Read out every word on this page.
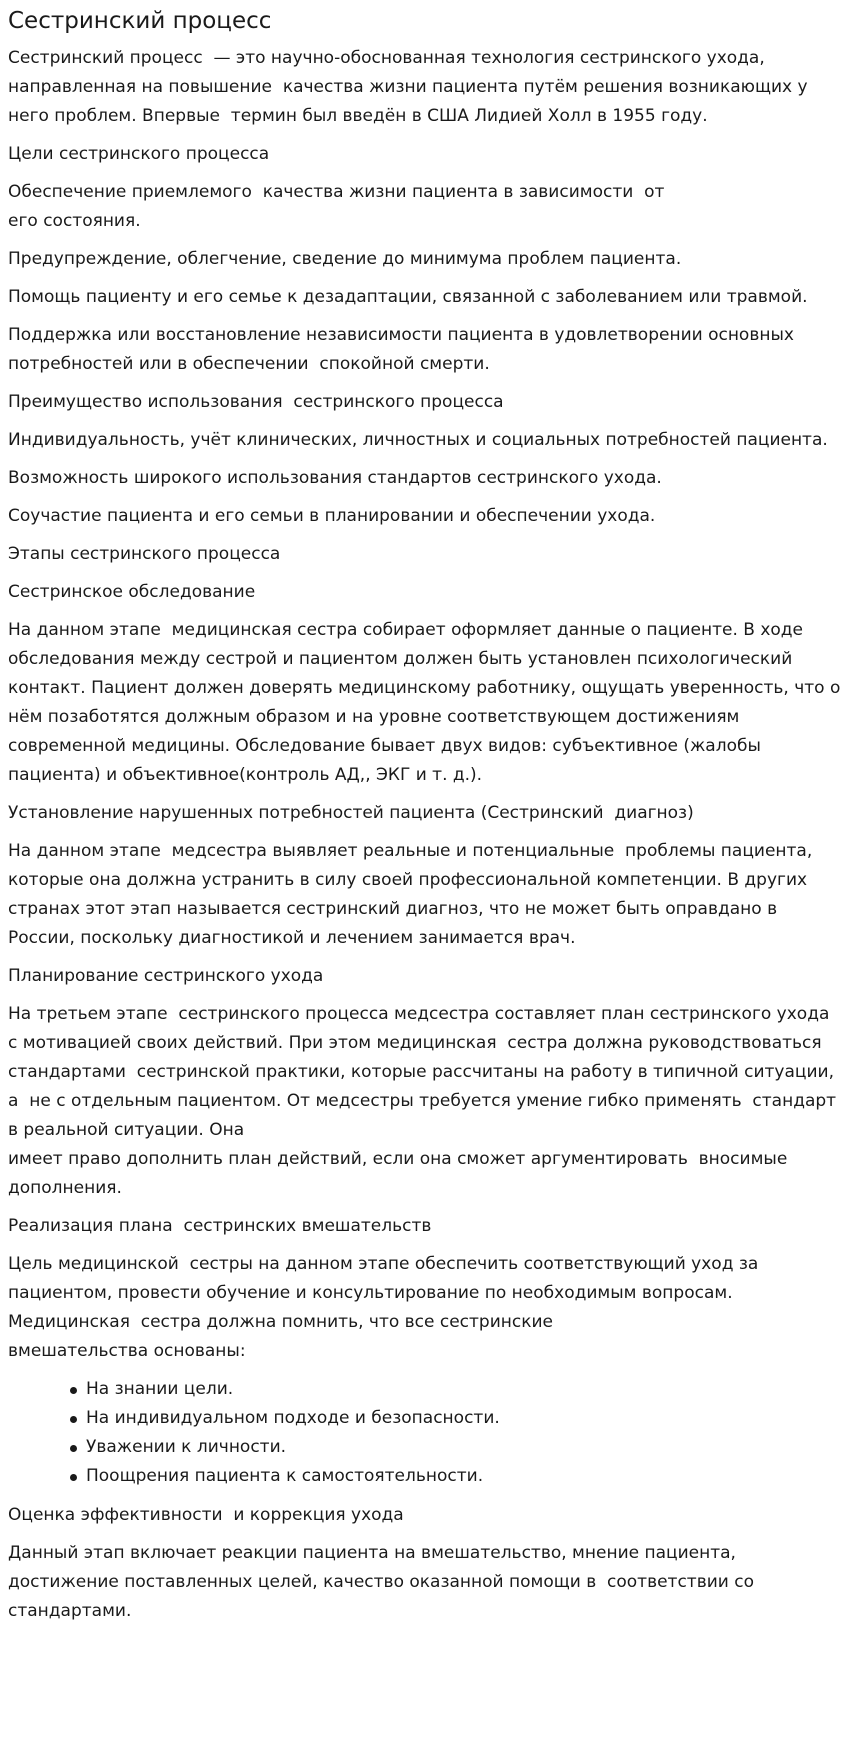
Сестринский процесс

Сестринский процесс  — это научно-обоснованная технология сестринского ухода, направленная на повышение  качества жизни пациента путём решения возникающих у него проблем. Впервые  термин был введён в США Лидией Холл в 1955 году.

Цели сестринского процесса

Обеспечение приемлемого  качества жизни пациента в зависимости  от
его состояния.

Предупреждение, облегчение, сведение до минимума проблем пациента.

Помощь пациенту и его семье к дезадаптации, связанной с заболеванием или травмой.

Поддержка или восстановление независимости пациента в удовлетворении основных потребностей или в обеспечении  спокойной смерти.

Преимущество использования  сестринского процесса

Индивидуальность, учёт клинических, личностных и социальных потребностей пациента.

Возможность широкого использования стандартов сестринского ухода.

Соучастие пациента и его семьи в планировании и обеспечении ухода.

Этапы сестринского процесса

Сестринское обследование

На данном этапе  медицинская сестра собирает оформляет данные о пациенте. В ходе обследования между сестрой и пациентом должен быть установлен психологический контакт. Пациент должен доверять медицинскому работнику, ощущать уверенность, что о нём позаботятся должным образом и на уровне соответствующем достижениям современной медицины. Обследование бывает двух видов: субъективное (жалобы пациента) и объективное(контроль АД,, ЭКГ и т. д.).

Установление нарушенных потребностей пациента (Сестринский  диагноз)

На данном этапе  медсестра выявляет реальные и потенциальные  проблемы пациента, которые она должна устранить в силу своей профессиональной компетенции. В других странах этот этап называется сестринский диагноз, что не может быть оправдано в России, поскольку диагностикой и лечением занимается врач.

Планирование сестринского ухода

На третьем этапе  сестринского процесса медсестра составляет план сестринского ухода с мотивацией своих действий. При этом медицинская  сестра должна руководствоваться стандартами  сестринской практики, которые рассчитаны на работу в типичной ситуации, а  не с отдельным пациентом. От медсестры требуется умение гибко применять  стандарт в реальной ситуации. Она
имеет право дополнить план действий, если она сможет аргументировать  вносимые дополнения.

Реализация плана  сестринских вмешательств

Цель медицинской  сестры на данном этапе обеспечить соответствующий уход за пациентом, провести обучение и консультирование по необходимым вопросам. Медицинская  сестра должна помнить, что все сестринские
вмешательства основаны:

На знании цели.
На индивидуальном подходе и безопасности.
Уважении к личности.
Поощрения пациента к самостоятельности.

Оценка эффективности  и коррекция ухода

Данный этап включает реакции пациента на вмешательство, мнение пациента, достижение поставленных целей, качество оказанной помощи в  соответствии со стандартами.
